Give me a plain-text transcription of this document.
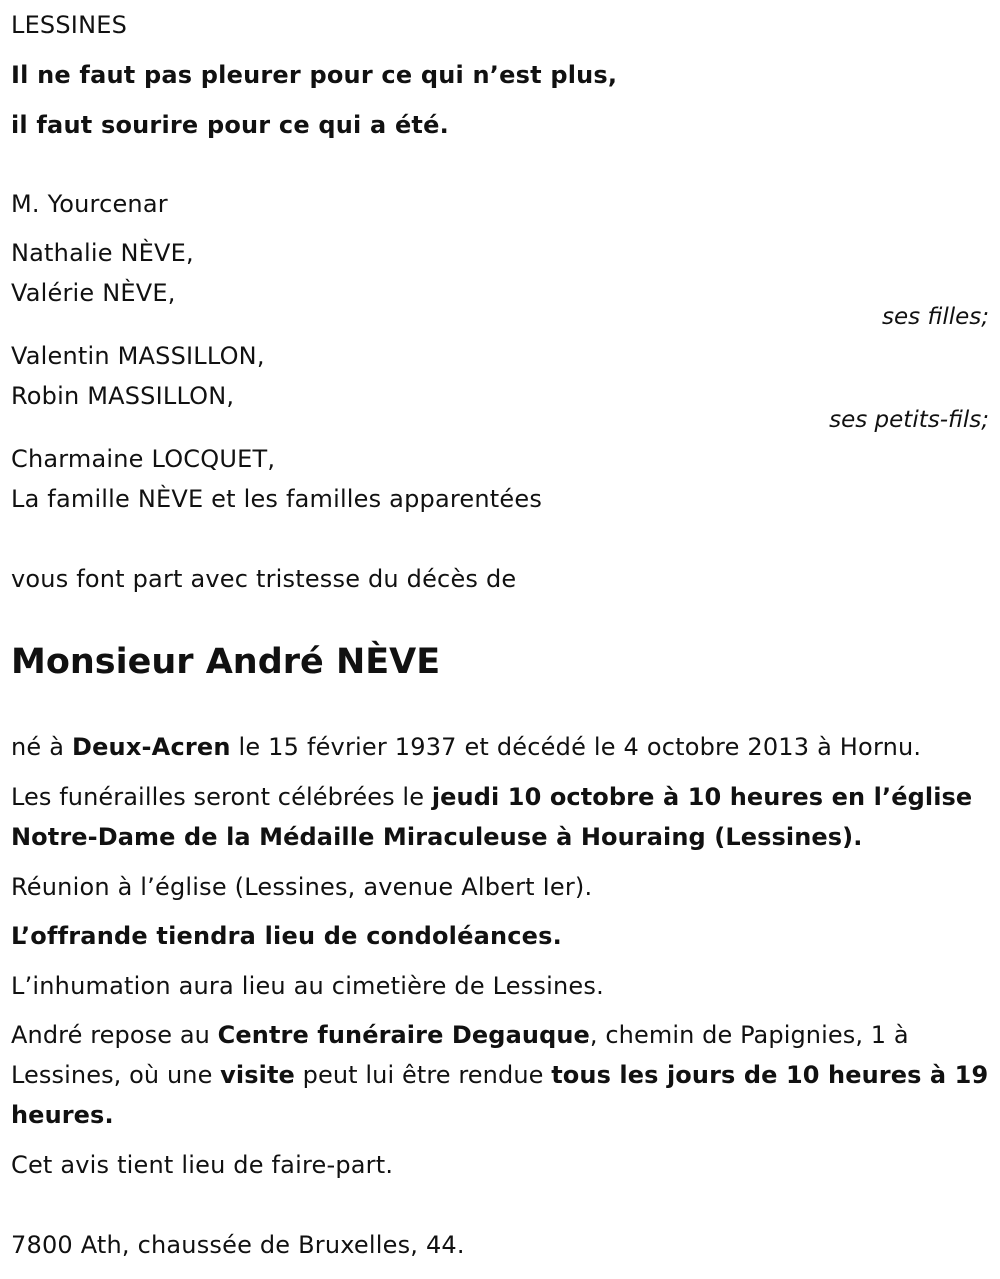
LESSINES
Il ne faut pas pleurer pour ce qui n’est plus,
il faut sourire pour ce qui a été.
M. Yourcenar
Nathalie NÈVE,
Valérie NÈVE,
ses filles;
Valentin MASSILLON,
Robin MASSILLON,
ses petits-fils;
Charmaine LOCQUET,
La famille NÈVE et les familles apparentées
vous font part avec tristesse du décès de
Monsieur André NÈVE
né à Deux-Acren le 15 février 1937 et décédé le 4 octobre 2013 à Hornu.
Les funérailles seront célébrées le jeudi 10 octobre à 10 heures en l’église Notre-Dame de la Médaille Miraculeuse à Houraing (Lessines).
Réunion à l’église (Lessines, avenue Albert Ier).
L’offrande tiendra lieu de condoléances.
L’inhumation aura lieu au cimetière de Lessines.
André repose au Centre funéraire Degauque, chemin de Papignies, 1 à Lessines, où une visite peut lui être rendue tous les jours de 10 heures à 19 heures.
Cet avis tient lieu de faire-part.
7800 Ath, chaussée de Bruxelles, 44.
